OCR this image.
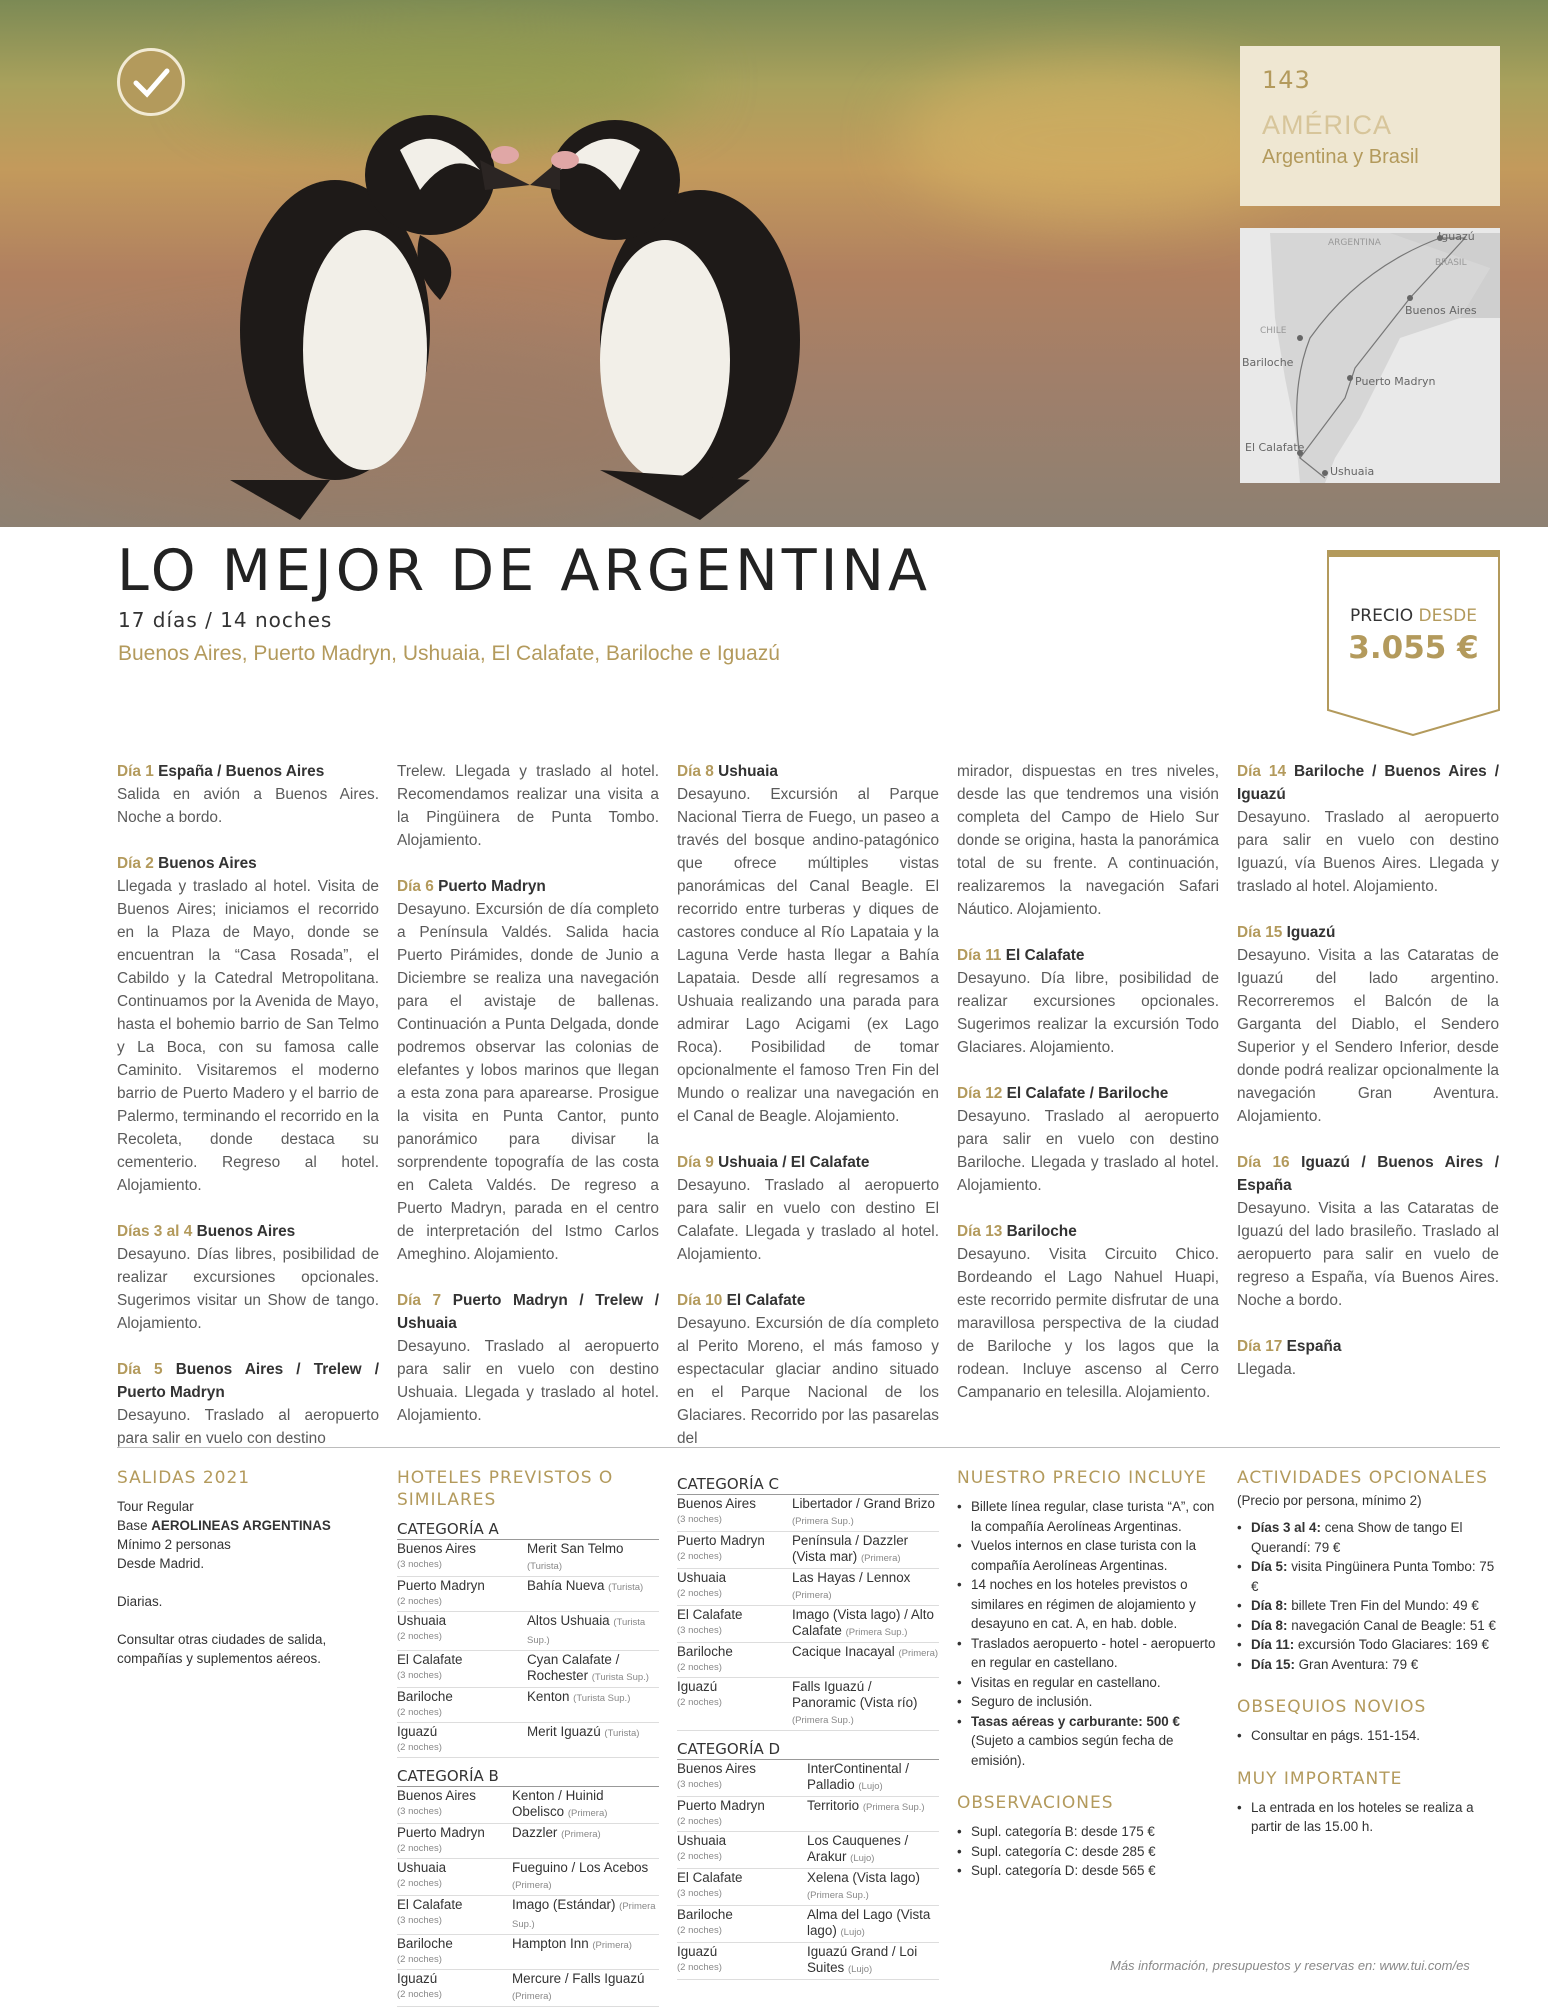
143
AMÉRICA
Argentina y Brasil
ARGENTINA
BRASIL
CHILE
Iguazú
Buenos Aires
Bariloche
Puerto Madryn
El Calafate
Ushuaia
LO MEJOR DE ARGENTINA
17 días / 14 noches
Buenos Aires, Puerto Madryn, Ushuaia, El Calafate, Bariloche e Iguazú
PRECIO DESDE
3.055 €

Día 1 España / Buenos Aires
Salida en avión a Buenos Aires. Noche a bordo.

Día 2 Buenos Aires
Llegada y traslado al hotel. Visita de Buenos Aires; iniciamos el recorrido en la Plaza de Mayo, donde se encuentran la “Casa Rosada”, el Cabildo y la Catedral Metropolitana. Continuamos por la Avenida de Mayo, hasta el bohemio barrio de San Telmo y La Boca, con su famosa calle Caminito. Visitaremos el moderno barrio de Puerto Madero y el barrio de Palermo, terminando el recorrido en la Recoleta, donde destaca su cementerio. Regreso al hotel. Alojamiento.

Días 3 al 4 Buenos Aires
Desayuno. Días libres, posibilidad de realizar excursiones opcionales. Sugerimos visitar un Show de tango. Alojamiento.

Día 5 Buenos Aires / Trelew / Puerto Madryn
Desayuno. Traslado al aeropuerto para salir en vuelo con destino

Trelew. Llegada y traslado al hotel. Recomendamos realizar una visita a la Pingüinera de Punta Tombo. Alojamiento.

Día 6 Puerto Madryn
Desayuno. Excursión de día completo a Península Valdés. Salida hacia Puerto Pirámides, donde de Junio a Diciembre se realiza una navegación para el avistaje de ballenas. Continuación a Punta Delgada, donde podremos observar las colonias de elefantes y lobos marinos que llegan a esta zona para aparearse. Prosigue la visita en Punta Cantor, punto panorámico para divisar la sorprendente topografía de las costa en Caleta Valdés. De regreso a Puerto Madryn, parada en el centro de interpretación del Istmo Carlos Ameghino. Alojamiento.

Día 7 Puerto Madryn / Trelew / Ushuaia
Desayuno. Traslado al aeropuerto para salir en vuelo con destino Ushuaia. Llegada y traslado al hotel. Alojamiento.

Día 8 Ushuaia
Desayuno. Excursión al Parque Nacional Tierra de Fuego, un paseo a través del bosque andino-patagónico que ofrece múltiples vistas panorámicas del Canal Beagle. El recorrido entre turberas y diques de castores conduce al Río Lapataia y la Laguna Verde hasta llegar a Bahía Lapataia. Desde allí regresamos a Ushuaia realizando una parada para admirar Lago Acigami (ex Lago Roca). Posibilidad de tomar opcionalmente el famoso Tren Fin del Mundo o realizar una navegación en el Canal de Beagle. Alojamiento.

Día 9 Ushuaia / El Calafate
Desayuno. Traslado al aeropuerto para salir en vuelo con destino El Calafate. Llegada y traslado al hotel. Alojamiento.

Día 10 El Calafate
Desayuno. Excursión de día completo al Perito Moreno, el más famoso y espectacular glaciar andino situado en el Parque Nacional de los Glaciares. Recorrido por las pasarelas del

mirador, dispuestas en tres niveles, desde las que tendremos una visión completa del Campo de Hielo Sur donde se origina, hasta la panorámica total de su frente. A continuación, realizaremos la navegación Safari Náutico. Alojamiento.

Día 11 El Calafate
Desayuno. Día libre, posibilidad de realizar excursiones opcionales. Sugerimos realizar la excursión Todo Glaciares. Alojamiento.

Día 12 El Calafate / Bariloche
Desayuno. Traslado al aeropuerto para salir en vuelo con destino Bariloche. Llegada y traslado al hotel. Alojamiento.

Día 13 Bariloche
Desayuno. Visita Circuito Chico. Bordeando el Lago Nahuel Huapi, este recorrido permite disfrutar de una maravillosa perspectiva de la ciudad de Bariloche y los lagos que la rodean. Incluye ascenso al Cerro Campanario en telesilla. Alojamiento.

Día 14 Bariloche / Buenos Aires / Iguazú
Desayuno. Traslado al aeropuerto para salir en vuelo con destino Iguazú, vía Buenos Aires. Llegada y traslado al hotel. Alojamiento.

Día 15 Iguazú
Desayuno. Visita a las Cataratas de Iguazú del lado argentino. Recorreremos el Balcón de la Garganta del Diablo, el Sendero Superior y el Sendero Inferior, desde donde podrá realizar opcionalmente la navegación Gran Aventura. Alojamiento.

Día 16 Iguazú / Buenos Aires / España
Desayuno. Visita a las Cataratas de Iguazú del lado brasileño. Traslado al aeropuerto para salir en vuelo de regreso a España, vía Buenos Aires. Noche a bordo.

Día 17 España
Llegada.

SALIDAS 2021
Tour Regular
Base AEROLINEAS ARGENTINAS
Mínimo 2 personas
Desde Madrid.
Diarias.
Consultar otras ciudades de salida, compañías y suplementos aéreos.
HOTELES PREVISTOS O SIMILARES
CATEGORÍA A
Buenos Aires
(3 noches)
Merit San Telmo (Turista)
Puerto Madryn
(2 noches)
Bahía Nueva (Turista)
Ushuaia
(2 noches)
Altos Ushuaia (Turista Sup.)
El Calafate
(3 noches)
Cyan Calafate / Rochester (Turista Sup.)
Bariloche
(2 noches)
Kenton (Turista Sup.)
Iguazú
(2 noches)
Merit Iguazú (Turista)
CATEGORÍA B
Buenos Aires
(3 noches)
Kenton / Huinid Obelisco (Primera)
Puerto Madryn
(2 noches)
Dazzler (Primera)
Ushuaia
(2 noches)
Fueguino / Los Acebos (Primera)
El Calafate
(3 noches)
Imago (Estándar) (Primera Sup.)
Bariloche
(2 noches)
Hampton Inn (Primera)
Iguazú
(2 noches)
Mercure / Falls Iguazú (Primera)
CATEGORÍA C
Buenos Aires
(3 noches)
Libertador / Grand Brizo (Primera Sup.)
Puerto Madryn
(2 noches)
Península / Dazzler (Vista mar) (Primera)
Ushuaia
(2 noches)
Las Hayas / Lennox (Primera)
El Calafate
(3 noches)
Imago (Vista lago) / Alto Calafate (Primera Sup.)
Bariloche
(2 noches)
Cacique Inacayal (Primera)
Iguazú
(2 noches)
Falls Iguazú / Panoramic (Vista río) (Primera Sup.)
CATEGORÍA D
Buenos Aires
(3 noches)
InterContinental / Palladio (Lujo)
Puerto Madryn
(2 noches)
Territorio (Primera Sup.)
Ushuaia
(2 noches)
Los Cauquenes / Arakur (Lujo)
El Calafate
(3 noches)
Xelena (Vista lago) (Primera Sup.)
Bariloche
(2 noches)
Alma del Lago (Vista lago) (Lujo)
Iguazú
(2 noches)
Iguazú Grand / Loi Suites (Lujo)
NUESTRO PRECIO INCLUYE
• Billete línea regular, clase turista “A”, con la compañía Aerolíneas Argentinas.
• Vuelos internos en clase turista con la compañía Aerolíneas Argentinas.
• 14 noches en los hoteles previstos o similares en régimen de alojamiento y desayuno en cat. A, en hab. doble.
• Traslados aeropuerto - hotel - aeropuerto en regular en castellano.
• Visitas en regular en castellano.
• Seguro de inclusión.
• Tasas aéreas y carburante: 500 €
(Sujeto a cambios según fecha de emisión).
OBSERVACIONES
• Supl. categoría B: desde 175 €
• Supl. categoría C: desde 285 €
• Supl. categoría D: desde 565 €
ACTIVIDADES OPCIONALES
(Precio por persona, mínimo 2)
• Días 3 al 4: cena Show de tango El Querandí: 79 €
• Día 5: visita Pingüinera Punta Tombo: 75 €
• Día 8: billete Tren Fin del Mundo: 49 €
• Día 8: navegación Canal de Beagle: 51 €
• Día 11: excursión Todo Glaciares: 169 €
• Día 15: Gran Aventura: 79 €
OBSEQUIOS NOVIOS
• Consultar en págs. 151-154.
MUY IMPORTANTE
• La entrada en los hoteles se realiza a partir de las 15.00 h.
Más información, presupuestos y reservas en: www.tui.com/es
